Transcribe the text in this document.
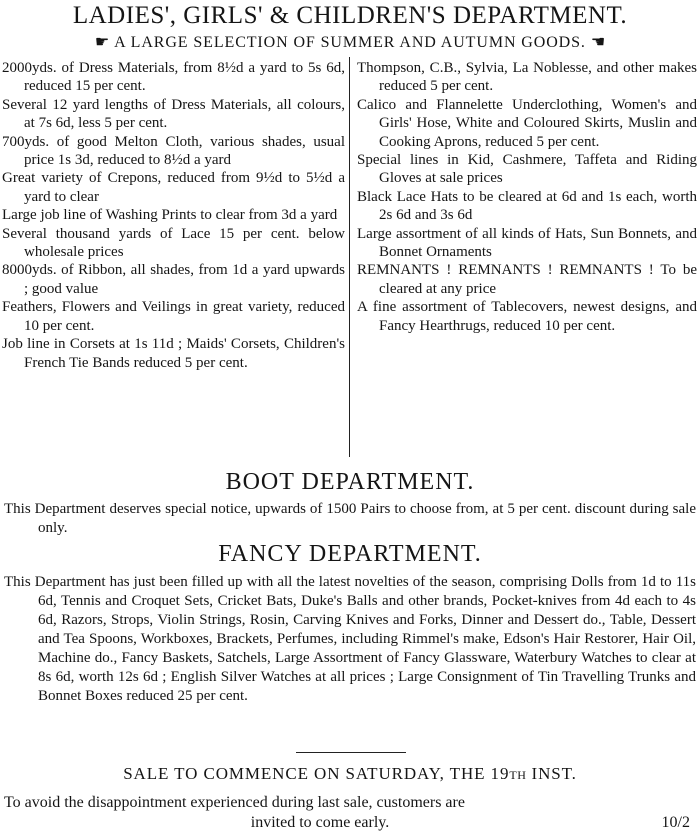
LADIES', GIRLS' & CHILDREN'S DEPARTMENT.
☛ A LARGE SELECTION OF SUMMER AND AUTUMN GOODS. ☛
2000yds. of Dress Materials, from 8½d a yard to 5s 6d, reduced 15 per cent.
Several 12 yard lengths of Dress Materials, all colours, at 7s 6d, less 5 per cent.
700yds. of good Melton Cloth, various shades, usual price 1s 3d, reduced to 8½d a yard
Great variety of Crepons, reduced from 9½d to 5½d a yard to clear
Large job line of Washing Prints to clear from 3d a yard
Several thousand yards of Lace 15 per cent. below wholesale prices
8000yds. of Ribbon, all shades, from 1d a yard upwards ; good value
Feathers, Flowers and Veilings in great variety, reduced 10 per cent.
Job line in Corsets at 1s 11d ; Maids' Corsets, Children's French Tie Bands reduced 5 per cent.
Thompson, C.B., Sylvia, La Noblesse, and other makes reduced 5 per cent.
Calico and Flannelette Underclothing, Women's and Girls' Hose, White and Coloured Skirts, Muslin and Cooking Aprons, reduced 5 per cent.
Special lines in Kid, Cashmere, Taffeta and Riding Gloves at sale prices
Black Lace Hats to be cleared at 6d and 1s each, worth 2s 6d and 3s 6d
Large assortment of all kinds of Hats, Sun Bonnets, and Bonnet Ornaments
REMNANTS ! REMNANTS ! REMNANTS ! To be cleared at any price
A fine assortment of Tablecovers, newest designs, and Fancy Hearthrugs, reduced 10 per cent.
BOOT DEPARTMENT.
This Department deserves special notice, upwards of 1500 Pairs to choose from, at 5 per cent. discount during sale only.
FANCY DEPARTMENT.
This Department has just been filled up with all the latest novelties of the season, comprising Dolls from 1d to 11s 6d, Tennis and Croquet Sets, Cricket Bats, Duke's Balls and other brands, Pocket-knives from 4d each to 4s 6d, Razors, Strops, Violin Strings, Rosin, Carving Knives and Forks, Dinner and Dessert do., Table, Dessert and Tea Spoons, Workboxes, Brackets, Perfumes, including Rimmel's make, Edson's Hair Restorer, Hair Oil, Machine do., Fancy Baskets, Satchels, Large Assortment of Fancy Glassware, Waterbury Watches to clear at 8s 6d, worth 12s 6d ; English Silver Watches at all prices ; Large Consignment of Tin Travelling Trunks and Bonnet Boxes reduced 25 per cent.
SALE TO COMMENCE ON SATURDAY, THE 19TH INST.
To avoid the disappointment experienced during last sale, customers are
invited to come early.	10/2
